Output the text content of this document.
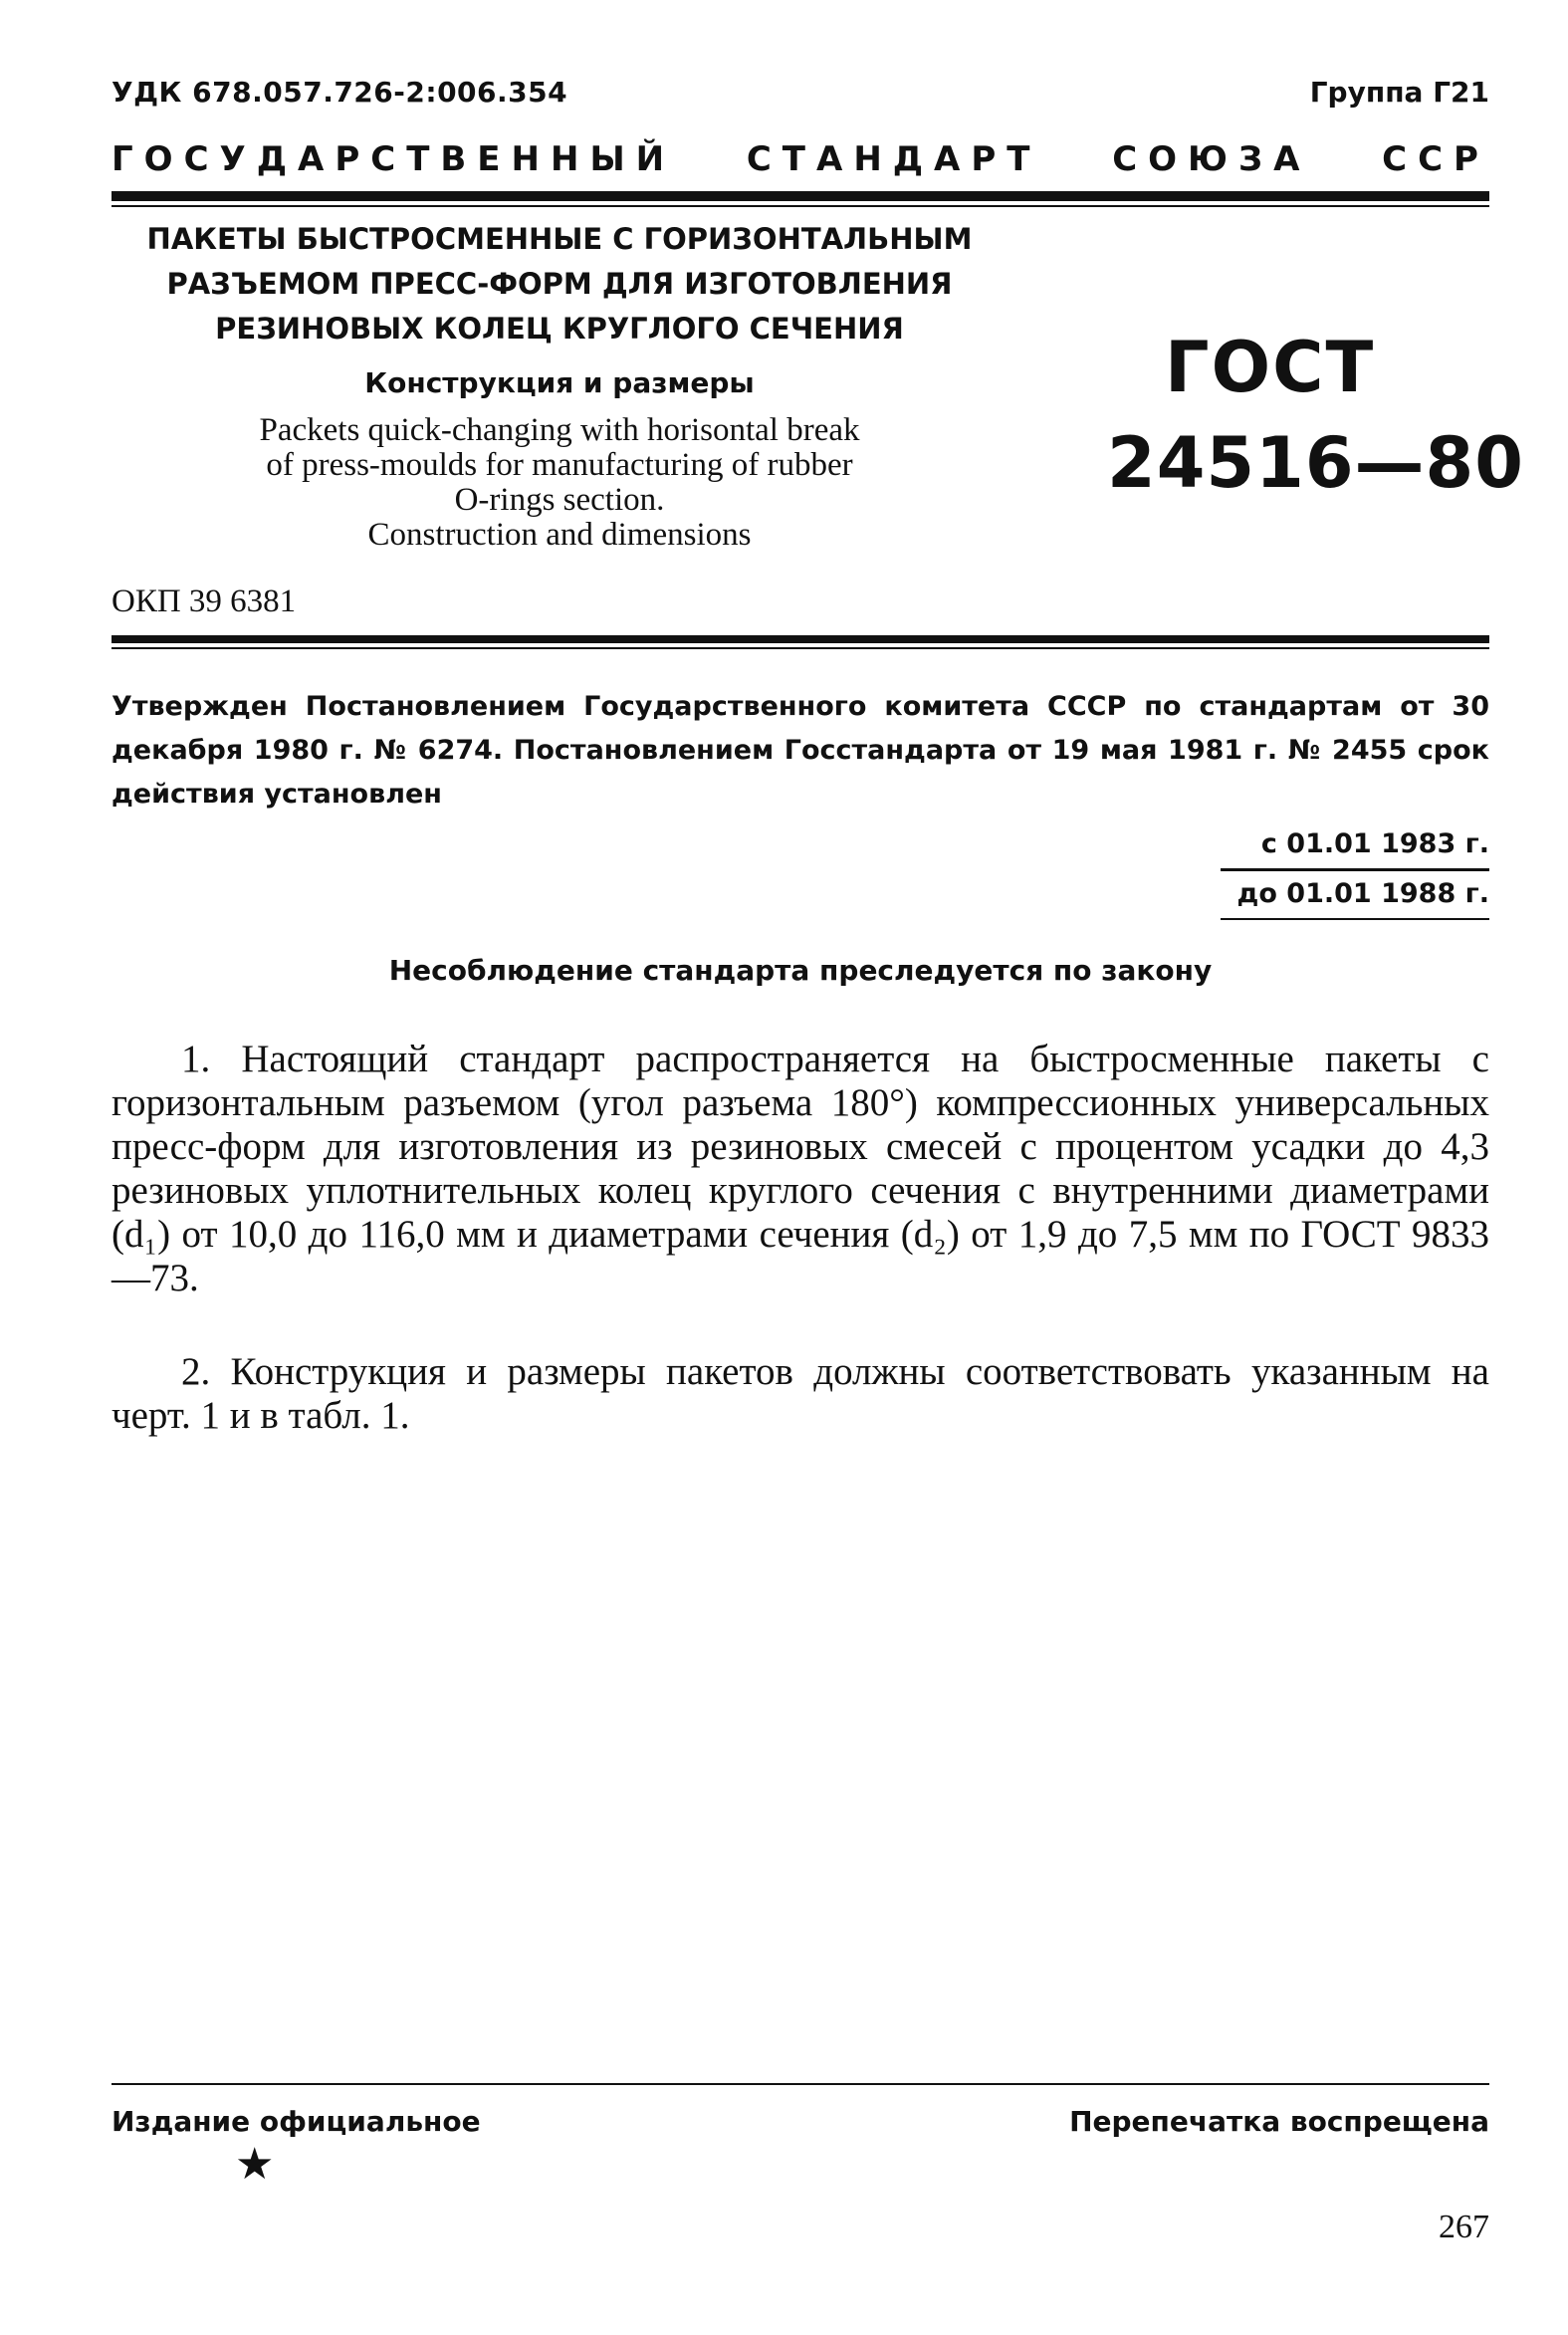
УДК 678.057.726-2:006.354	Группа Г21
ГОСУДАРСТВЕННЫЙ СТАНДАРТ СОЮЗА ССР

ПАКЕТЫ БЫСТРОСМЕННЫЕ С ГОРИЗОНТАЛЬНЫМ

РАЗЪЕМОМ ПРЕСС-ФОРМ ДЛЯ ИЗГОТОВЛЕНИЯ

РЕЗИНОВЫХ КОЛЕЦ КРУГЛОГО СЕЧЕНИЯ

Конструкция и размеры
Packets quick-changing with horisontal break
of press-moulds for manufacturing of rubber
O-rings section.
Construction and dimensions
ГОСТ
24516—80
ОКП 39 6381
Утвержден Постановлением Государственного комитета СССР по стандартам от 30 декабря 1980 г. № 6274. Постановлением Госстандарта от 19 мая 1981 г. № 2455 срок действия установлен
с 01.01 1983 г.
до 01.01 1988 г.
Несоблюдение стандарта преследуется по закону

1. Настоящий стандарт распространяется на быстросменные пакеты с горизонтальным разъемом (угол разъема 180°) компрессионных универсальных пресс-форм для изготовления из резиновых смесей с процентом усадки до 4,3 резиновых уплотнительных колец круглого сечения с внутренними диаметрами (d₁) от 10,0 до 116,0 мм и диаметрами сечения (d₂) от 1,9 до 7,5 мм по ГОСТ 9833—73.

2. Конструкция и размеры пакетов должны соответствовать указанным на черт. 1 и в табл. 1.

Издание официальное	Перепечатка воспрещена
★
267
